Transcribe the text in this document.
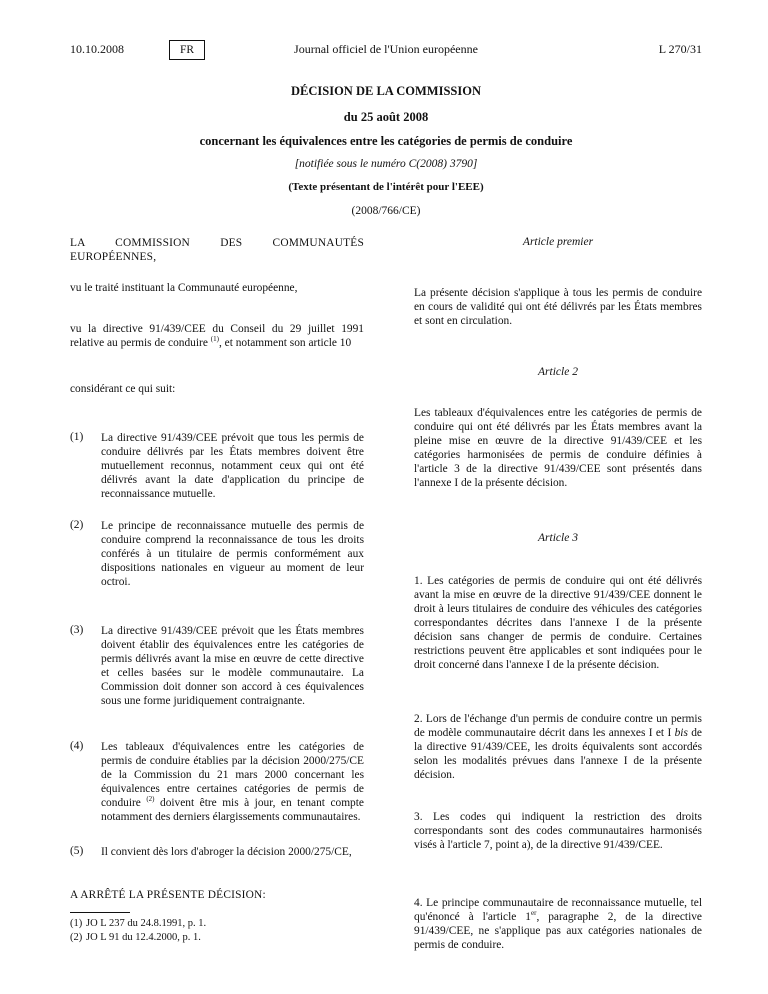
10.10.2008	FR	Journal officiel de l'Union européenne	L 270/31
DÉCISION DE LA COMMISSION
du 25 août 2008
concernant les équivalences entre les catégories de permis de conduire
[notifiée sous le numéro C(2008) 3790]
(Texte présentant de l'intérêt pour l'EEE)
(2008/766/CE)
LA COMMISSION DES COMMUNAUTÉS EUROPÉENNES,
vu le traité instituant la Communauté européenne,
vu la directive 91/439/CEE du Conseil du 29 juillet 1991 relative au permis de conduire $^{(1)}$, et notamment son article 10
considérant ce qui suit:
(1) La directive 91/439/CEE prévoit que tous les permis de conduire délivrés par les États membres doivent être mutuellement reconnus, notamment ceux qui ont été délivrés avant la date d'application du principe de reconnaissance mutuelle.
(2) Le principe de reconnaissance mutuelle des permis de conduire comprend la reconnaissance de tous les droits conférés à un titulaire de permis conformément aux dispositions nationales en vigueur au moment de leur octroi.
(3) La directive 91/439/CEE prévoit que les États membres doivent établir des équivalences entre les catégories de permis délivrés avant la mise en œuvre de cette directive et celles basées sur le modèle communautaire. La Commission doit donner son accord à ces équivalences sous une forme juridiquement contraignante.
(4) Les tableaux d'équivalences entre les catégories de permis de conduire établies par la décision 2000/275/CE de la Commission du 21 mars 2000 concernant les équivalences entre certaines catégories de permis de conduire $^{(2)}$ doivent être mis à jour, en tenant compte notamment des derniers élargissements communautaires.
(5) Il convient dès lors d'abroger la décision 2000/275/CE,
A ARRÊTÉ LA PRÉSENTE DÉCISION:
(1) JO L 237 du 24.8.1991, p. 1.
(2) JO L 91 du 12.4.2000, p. 1.
Article premier
La présente décision s'applique à tous les permis de conduire en cours de validité qui ont été délivrés par les États membres et sont en circulation.
Article 2
Les tableaux d'équivalences entre les catégories de permis de conduire qui ont été délivrés par les États membres avant la pleine mise en œuvre de la directive 91/439/CEE et les catégories harmonisées de permis de conduire définies à l'article 3 de la directive 91/439/CEE sont présentés dans l'annexe I de la présente décision.
Article 3
1. Les catégories de permis de conduire qui ont été délivrés avant la mise en œuvre de la directive 91/439/CEE donnent le droit à leurs titulaires de conduire des véhicules des catégories correspondantes décrites dans l'annexe I de la présente décision sans changer de permis de conduire. Certaines restrictions peuvent être applicables et sont indiquées pour le droit concerné dans l'annexe I de la présente décision.
2. Lors de l'échange d'un permis de conduire contre un permis de modèle communautaire décrit dans les annexes I et I bis de la directive 91/439/CEE, les droits équivalents sont accordés selon les modalités prévues dans l'annexe I de la présente décision.
3. Les codes qui indiquent la restriction des droits correspondants sont des codes communautaires harmonisés visés à l'article 7, point a), de la directive 91/439/CEE.
4. Le principe communautaire de reconnaissance mutuelle, tel qu'énoncé à l'article 1er, paragraphe 2, de la directive 91/439/CEE, ne s'applique pas aux catégories nationales de permis de conduire.
